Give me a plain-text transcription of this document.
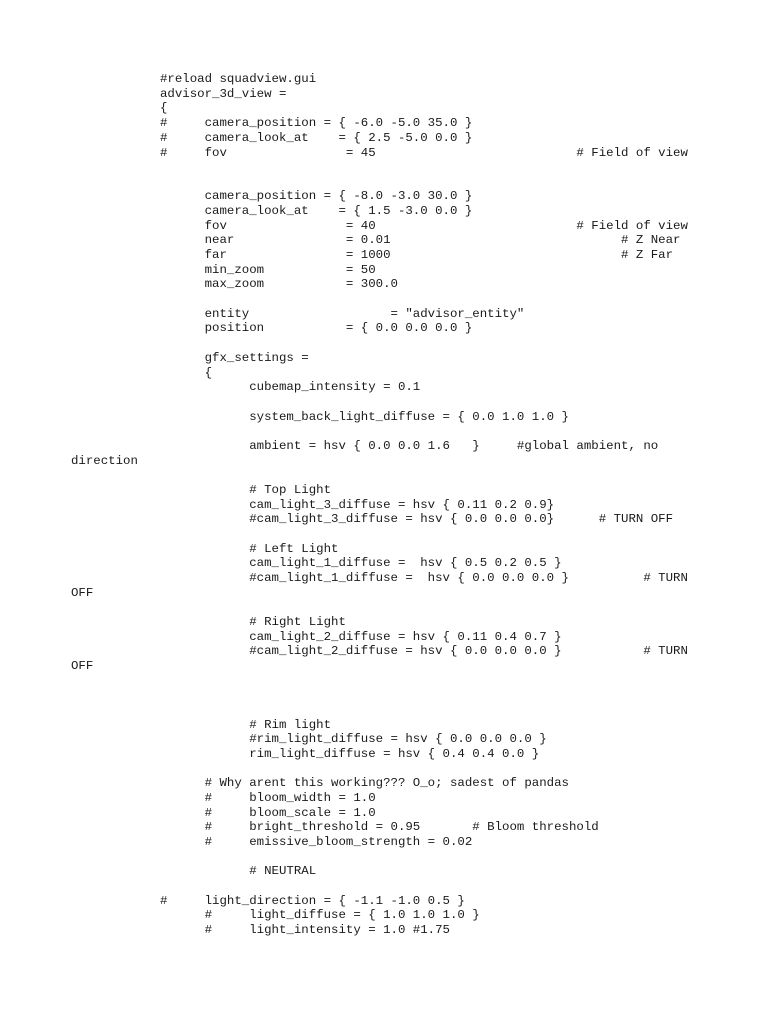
#reload squadview.gui
advisor_3d_view =
{
#     camera_position = { -6.0 -5.0 35.0 }
#     camera_look_at    = { 2.5 -5.0 0.0 }
#     fov                = 45                           # Field of view
camera_position = { -8.0 -3.0 30.0 }
camera_look_at    = { 1.5 -3.0 0.0 }
fov                = 40                           # Field of view
near               = 0.01                               # Z Near
far                = 1000                               # Z Far
min_zoom           = 50
max_zoom           = 300.0
entity                   = "advisor_entity"
position           = { 0.0 0.0 0.0 }
gfx_settings =
{
cubemap_intensity = 0.1
system_back_light_diffuse = { 0.0 1.0 1.0 }
ambient = hsv { 0.0 0.0 1.6   }     #global ambient, no
direction
# Top Light
cam_light_3_diffuse = hsv { 0.11 0.2 0.9}
#cam_light_3_diffuse = hsv { 0.0 0.0 0.0}      # TURN OFF
# Left Light
cam_light_1_diffuse =  hsv { 0.5 0.2 0.5 }
#cam_light_1_diffuse =  hsv { 0.0 0.0 0.0 }          # TURN
OFF
# Right Light
cam_light_2_diffuse = hsv { 0.11 0.4 0.7 }
#cam_light_2_diffuse = hsv { 0.0 0.0 0.0 }           # TURN
OFF
# Rim light
#rim_light_diffuse = hsv { 0.0 0.0 0.0 }
rim_light_diffuse = hsv { 0.4 0.4 0.0 }
# Why arent this working??? O_o; sadest of pandas
#     bloom_width = 1.0
#     bloom_scale = 1.0
#     bright_threshold = 0.95       # Bloom threshold
#     emissive_bloom_strength = 0.02
# NEUTRAL
#     light_direction = { -1.1 -1.0 0.5 }
#     light_diffuse = { 1.0 1.0 1.0 }
#     light_intensity = 1.0 #1.75
